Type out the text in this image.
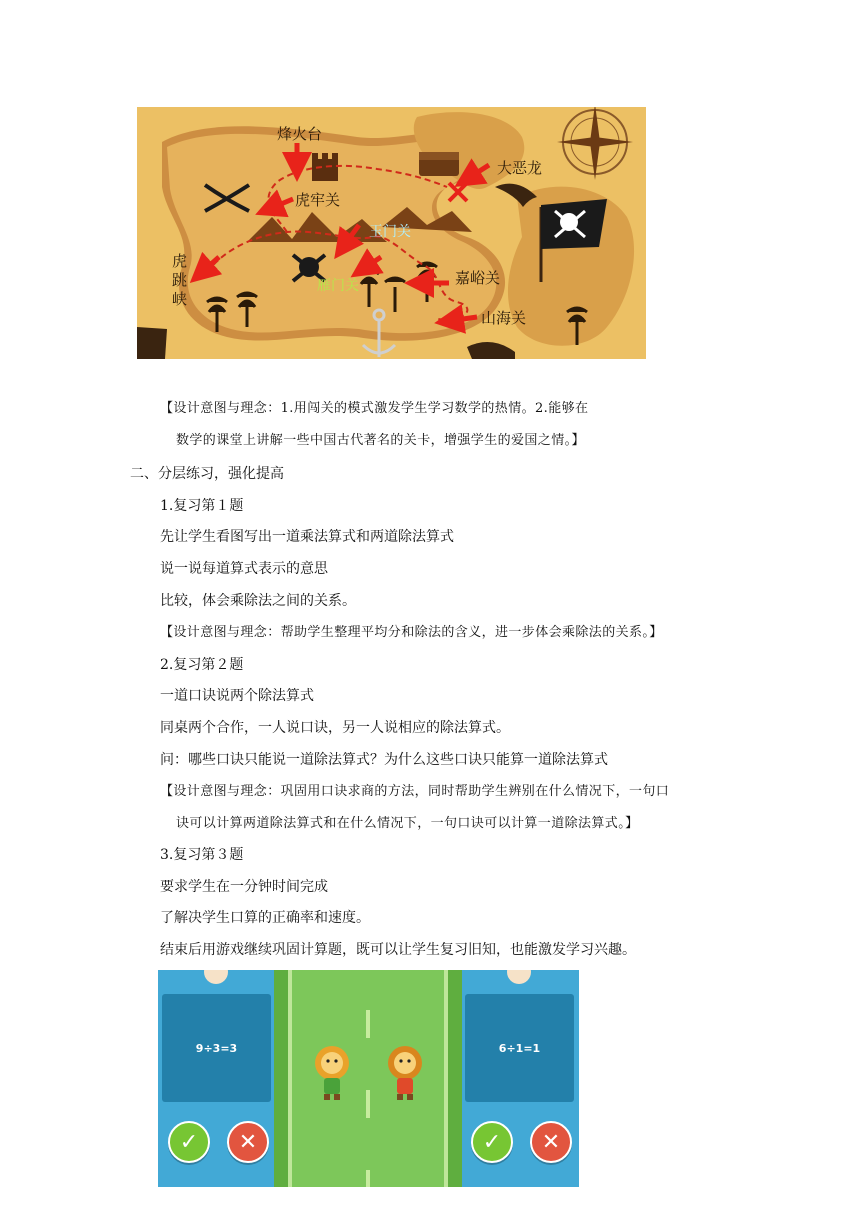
烽火台
大恶龙
虎牢关
玉门关
虎跳峡	雁门关	嘉峪关
山海关
【设计意图与理念：1.用闯关的模式激发学生学习数学的热情。2.能够在
数学的课堂上讲解一些中国古代著名的关卡，增强学生的爱国之情。】
二、分层练习，强化提高
1.复习第１题
先让学生看图写出一道乘法算式和两道除法算式
说一说每道算式表示的意思
比较，体会乘除法之间的关系。
【设计意图与理念：帮助学生整理平均分和除法的含义，进一步体会乘除法的关系。】
2.复习第２题
一道口诀说两个除法算式
同桌两个合作，一人说口诀，另一人说相应的除法算式。
问：哪些口诀只能说一道除法算式？为什么这些口诀只能算一道除法算式
【设计意图与理念：巩固用口诀求商的方法，同时帮助学生辨别在什么情况下，一句口
诀可以计算两道除法算式和在什么情况下，一句口诀可以计算一道除法算式。】
3.复习第３题
要求学生在一分钟时间完成
了解决学生口算的正确率和速度。
结束后用游戏继续巩固计算题，既可以让学生复习旧知，也能激发学习兴趣。
9÷3=3	6÷1=1
✓ ✕	✓ ✕
